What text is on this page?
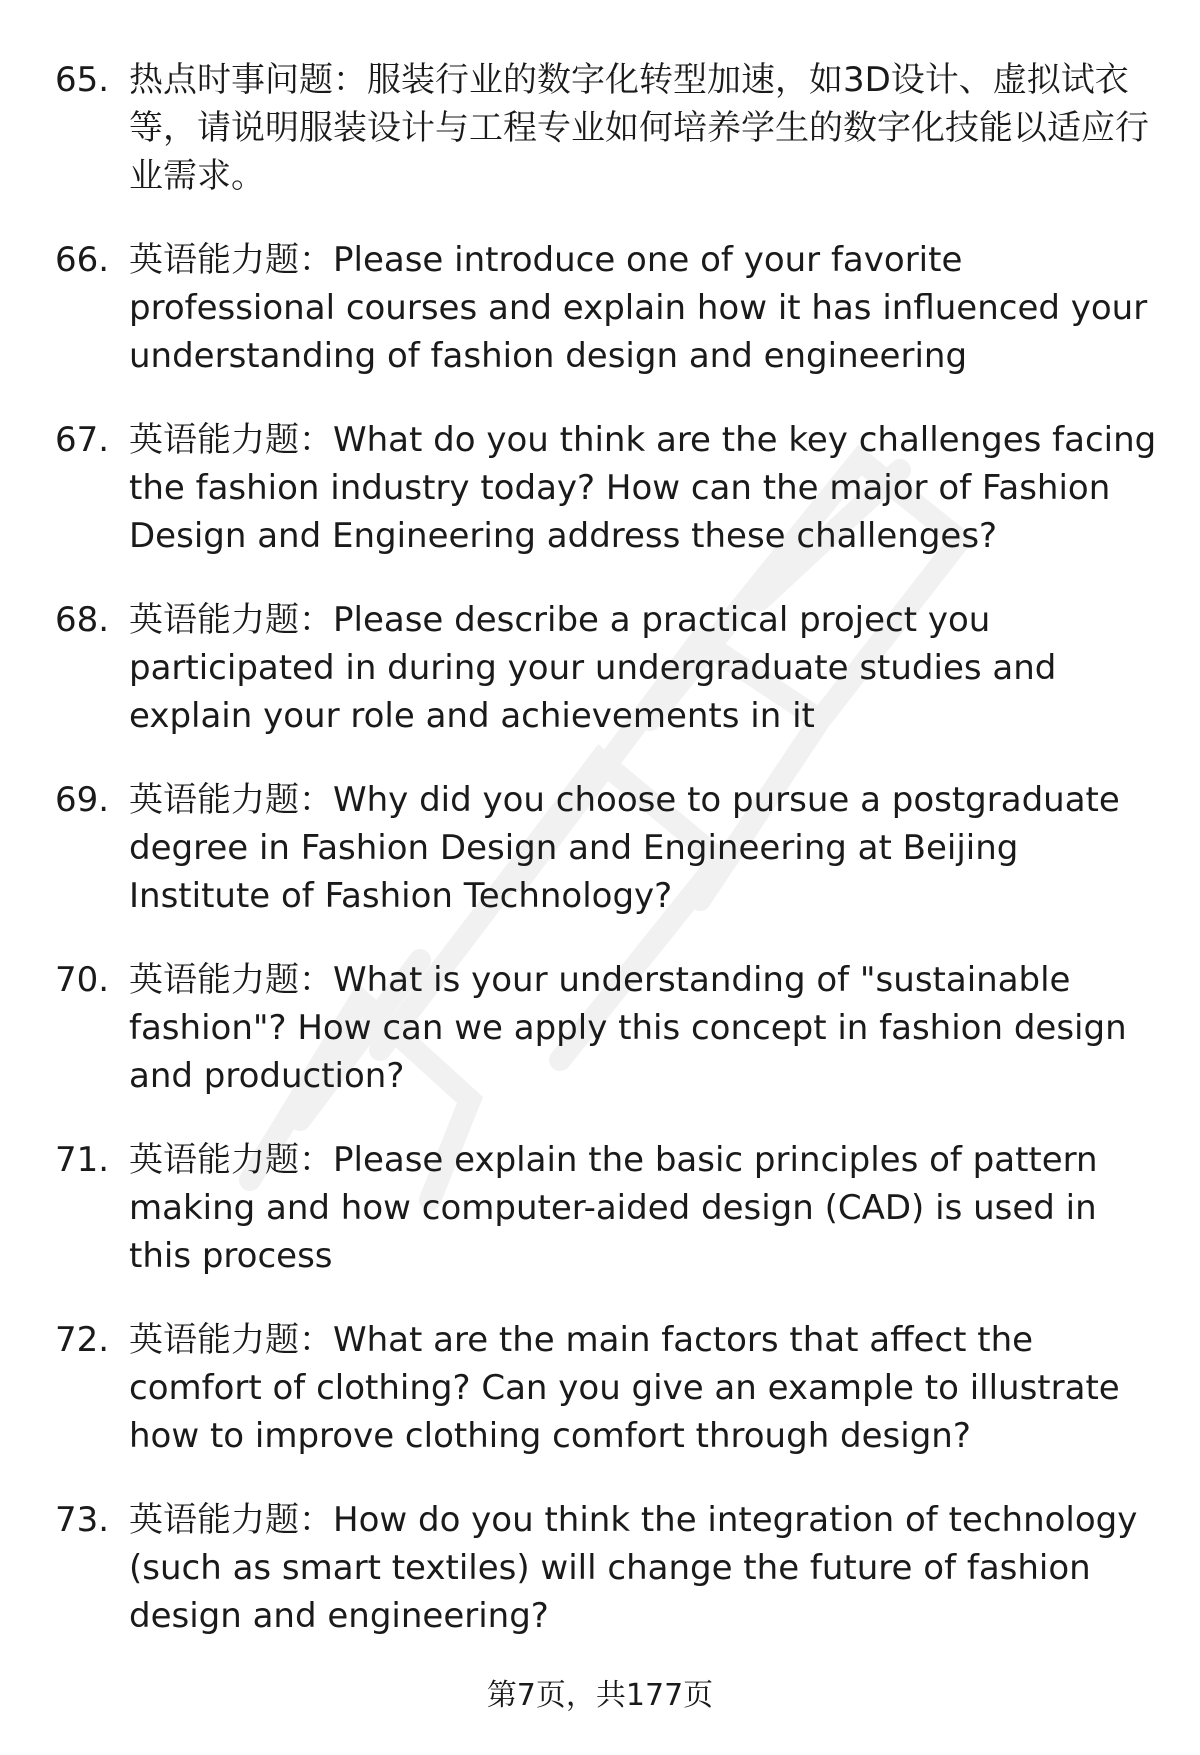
65. 热点时事问题：服装行业的数字化转型加速，如3D设计、虚拟试衣等，请说明服装设计与工程专业如何培养学生的数字化技能以适应行业需求。
66. 英语能力题：Please introduce one of your favorite professional courses and explain how it has influenced your understanding of fashion design and engineering
67. 英语能力题：What do you think are the key challenges facing the fashion industry today? How can the major of Fashion Design and Engineering address these challenges?
68. 英语能力题：Please describe a practical project you participated in during your undergraduate studies and explain your role and achievements in it
69. 英语能力题：Why did you choose to pursue a postgraduate degree in Fashion Design and Engineering at Beijing Institute of Fashion Technology?
70. 英语能力题：What is your understanding of "sustainable fashion"? How can we apply this concept in fashion design and production?
71. 英语能力题：Please explain the basic principles of pattern making and how computer-aided design (CAD) is used in this process
72. 英语能力题：What are the main factors that affect the comfort of clothing? Can you give an example to illustrate how to improve clothing comfort through design?
73. 英语能力题：How do you think the integration of technology (such as smart textiles) will change the future of fashion design and engineering?
第7页，共177页
